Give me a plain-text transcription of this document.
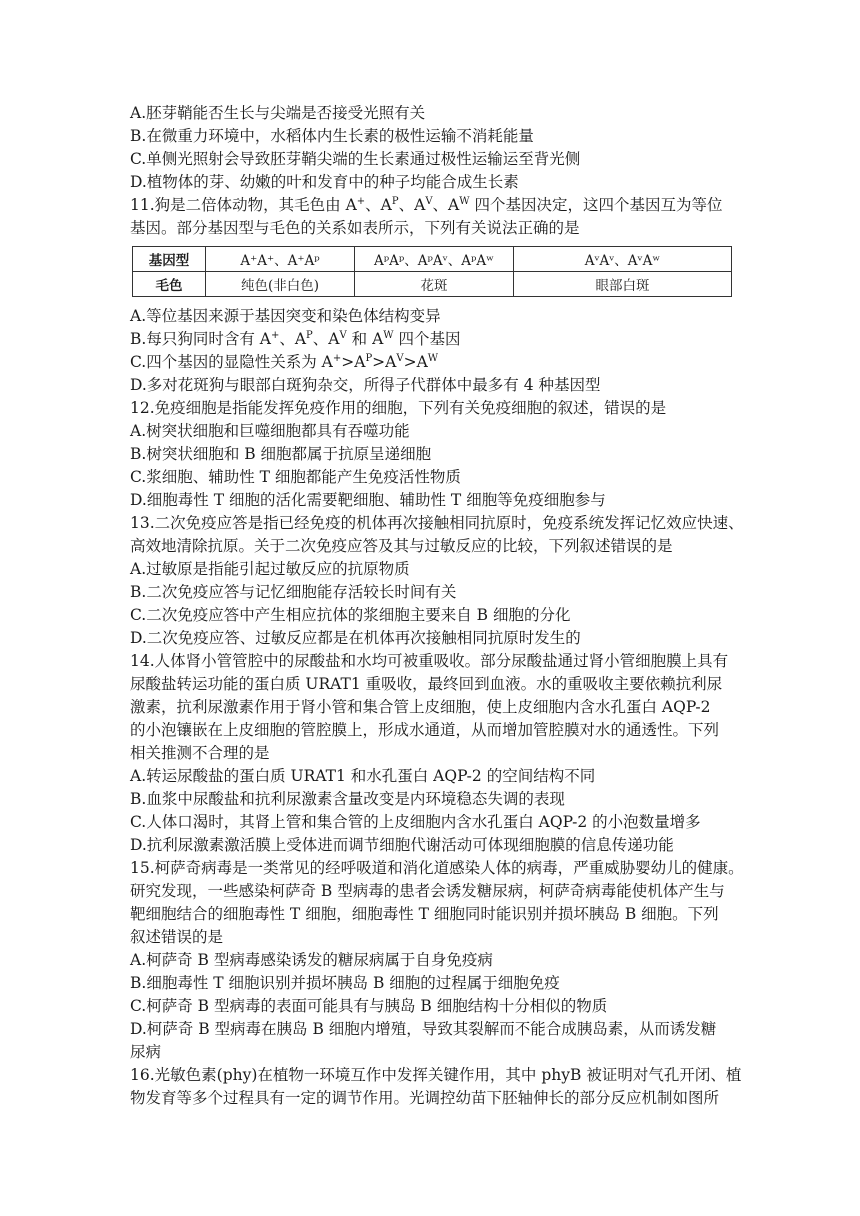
A.胚芽鞘能否生长与尖端是否接受光照有关
B.在微重力环境中，水稻体内生长素的极性运输不消耗能量
C.单侧光照射会导致胚芽鞘尖端的生长素通过极性运输运至背光侧
D.植物体的芽、幼嫩的叶和发育中的种子均能合成生长素
11.狗是二倍体动物，其毛色由 A+、$A^P$、$A^V$、$A^W$ 四个基因决定，这四个基因互为等位
基因。部分基因型与毛色的关系如表所示，下列有关说法正确的是
基因型	A⁺A⁺、A⁺Aᵖ	AᵖAᵖ、AᵖAᵛ、AᵖAʷ	AᵛAᵛ、AᵛAʷ
毛色	纯色(非白色)	花斑	眼部白斑
A.等位基因来源于基因突变和染色体结构变异
B.每只狗同时含有 A+、$A^P$、$A^V$ 和 $A^W$ 四个基因
C.四个基因的显隐性关系为 $A^+>A^P>A^V>A^W$
D.多对花斑狗与眼部白斑狗杂交，所得子代群体中最多有 4 种基因型
12.免疫细胞是指能发挥免疫作用的细胞，下列有关免疫细胞的叙述，错误的是
A.树突状细胞和巨噬细胞都具有吞噬功能
B.树突状细胞和 B 细胞都属于抗原呈递细胞
C.浆细胞、辅助性 T 细胞都能产生免疫活性物质
D.细胞毒性 T 细胞的活化需要靶细胞、辅助性 T 细胞等免疫细胞参与
13.二次免疫应答是指已经免疫的机体再次接触相同抗原时，免疫系统发挥记忆效应快速、
高效地清除抗原。关于二次免疫应答及其与过敏反应的比较，下列叙述错误的是
A.过敏原是指能引起过敏反应的抗原物质
B.二次免疫应答与记忆细胞能存活较长时间有关
C.二次免疫应答中产生相应抗体的浆细胞主要来自 B 细胞的分化
D.二次免疫应答、过敏反应都是在机体再次接触相同抗原时发生的
14.人体肾小管管腔中的尿酸盐和水均可被重吸收。部分尿酸盐通过肾小管细胞膜上具有
尿酸盐转运功能的蛋白质 URAT1 重吸收，最终回到血液。水的重吸收主要依赖抗利尿
激素，抗利尿激素作用于肾小管和集合管上皮细胞，使上皮细胞内含水孔蛋白 AQP-2
的小泡镶嵌在上皮细胞的管腔膜上，形成水通道，从而增加管腔膜对水的通透性。下列
相关推测不合理的是
A.转运尿酸盐的蛋白质 URAT1 和水孔蛋白 AQP-2 的空间结构不同
B.血浆中尿酸盐和抗利尿激素含量改变是内环境稳态失调的表现
C.人体口渴时，其肾上管和集合管的上皮细胞内含水孔蛋白 AQP-2 的小泡数量增多
D.抗利尿激素激活膜上受体进而调节细胞代谢活动可体现细胞膜的信息传递功能
15.柯萨奇病毒是一类常见的经呼吸道和消化道感染人体的病毒，严重威胁婴幼儿的健康。
研究发现，一些感染柯萨奇 B 型病毒的患者会诱发糖尿病，柯萨奇病毒能使机体产生与
靶细胞结合的细胞毒性 T 细胞，细胞毒性 T 细胞同时能识别并损坏胰岛 B 细胞。下列
叙述错误的是
A.柯萨奇 B 型病毒感染诱发的糖尿病属于自身免疫病
B.细胞毒性 T 细胞识别并损坏胰岛 B 细胞的过程属于细胞免疫
C.柯萨奇 B 型病毒的表面可能具有与胰岛 B 细胞结构十分相似的物质
D.柯萨奇 B 型病毒在胰岛 B 细胞内增殖，导致其裂解而不能合成胰岛素，从而诱发糖
尿病
16.光敏色素(phy)在植物一环境互作中发挥关键作用，其中 phyB 被证明对气孔开闭、植
物发育等多个过程具有一定的调节作用。光调控幼苗下胚轴伸长的部分反应机制如图所
